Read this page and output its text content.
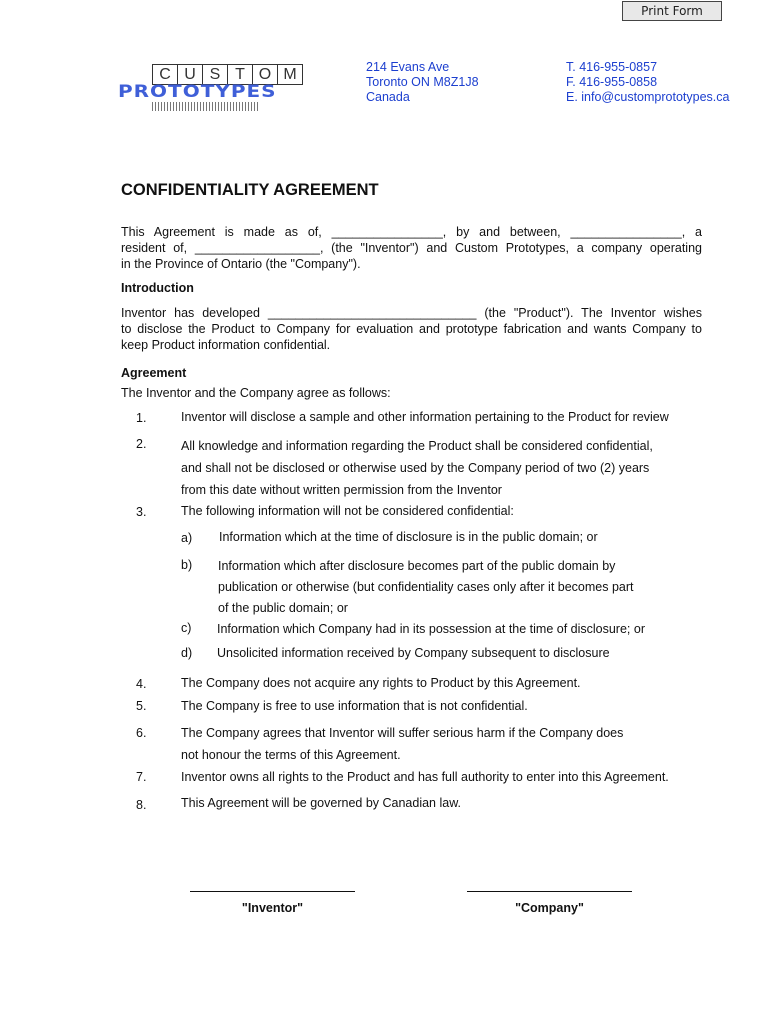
Print Form
C U S T O M
PROTOTYPES
214 Evans Ave
Toronto ON M8Z1J8
Canada
T. 416-955-0857
F. 416-955-0858
E. info@customprototypes.ca
CONFIDENTIALITY AGREEMENT
This Agreement is made as of, ________________, by and between, ________________, a
resident of, __________________, (the "Inventor") and Custom Prototypes, a company operating
in the Province of Ontario (the "Company").
Introduction
Inventor has developed ______________________________ (the "Product"). The Inventor wishes
to disclose the Product to Company for evaluation and prototype fabrication and wants Company to
keep Product information confidential.
Agreement
The Inventor and the Company agree as follows:
1.	Inventor will disclose a sample and other information pertaining to the Product for review
2.	All knowledge and information regarding the Product shall be considered confidential,
and shall not be disclosed or otherwise used by the Company period of two (2) years
from this date without written permission from the Inventor
3.	The following information will not be considered confidential:
a) Information which at the time of disclosure is in the public domain; or
b) Information which after disclosure becomes part of the public domain by
publication or otherwise (but confidentiality cases only after it becomes part
of the public domain; or
c) Information which Company had in its possession at the time of disclosure; or
d) Unsolicited information received by Company subsequent to disclosure
4.	The Company does not acquire any rights to Product by this Agreement.
5.	The Company is free to use information that is not confidential.
6.	The Company agrees that Inventor will suffer serious harm if the Company does
not honour the terms of this Agreement.
7.	Inventor owns all rights to the Product and has full authority to enter into this Agreement.
8.	This Agreement will be governed by Canadian law.
"Inventor"	"Company"
